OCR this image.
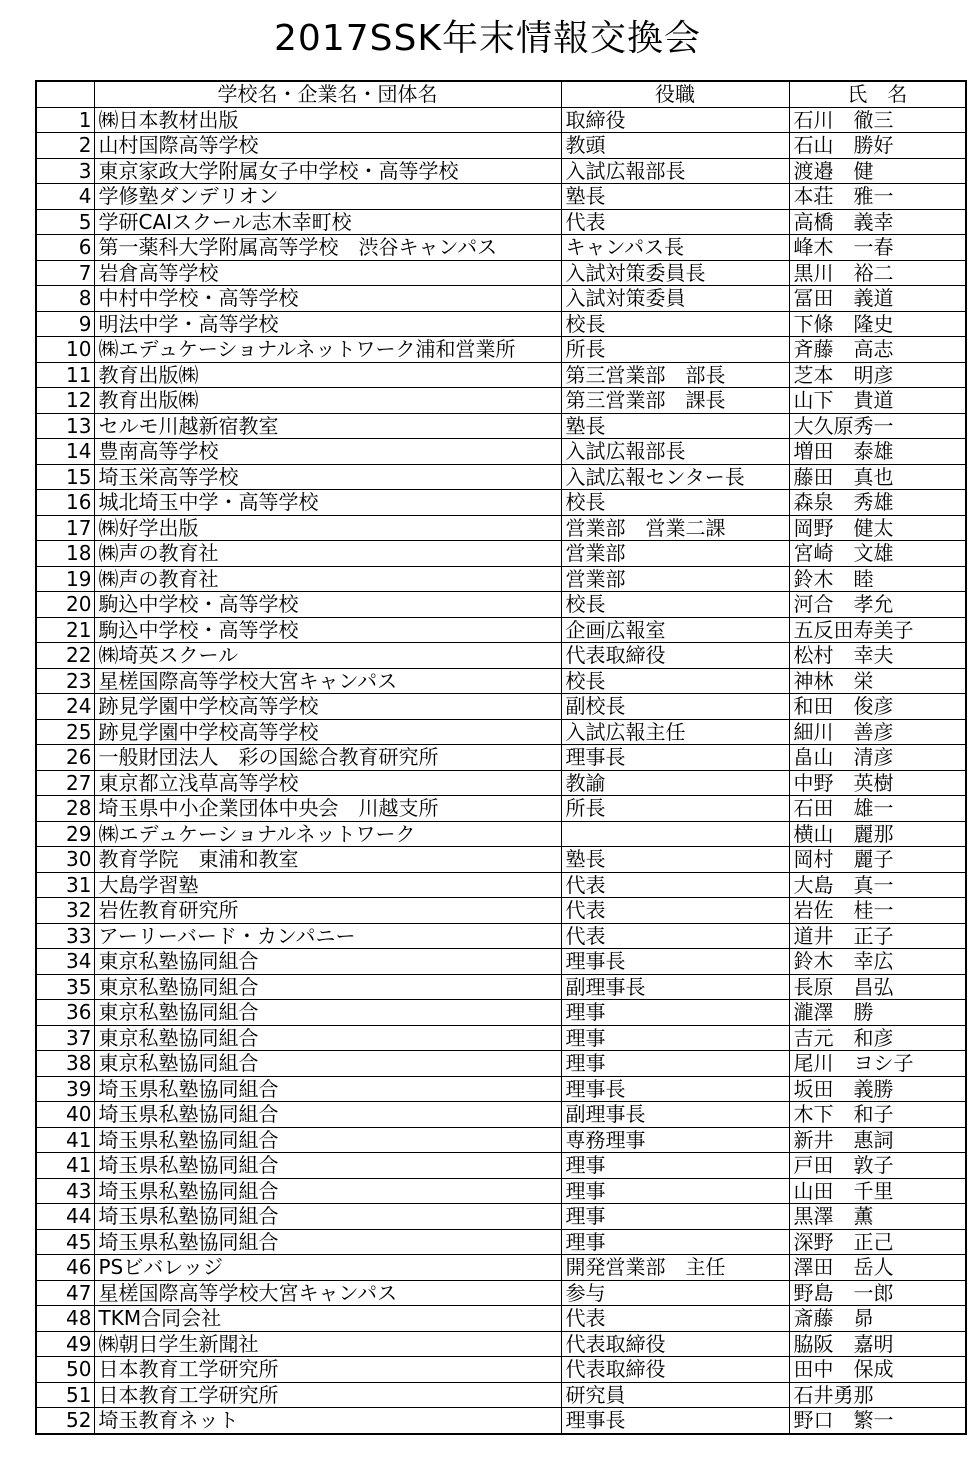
2017SSK年末情報交換会
	学校名・企業名・団体名	役職	氏　名
1	㈱日本教材出版	取締役	石川　徹三
2	山村国際高等学校	教頭	石山　勝好
3	東京家政大学附属女子中学校・高等学校	入試広報部長	渡邉　健
4	学修塾ダンデリオン	塾長	本荘　雅一
5	学研CAIスクール志木幸町校	代表	高橋　義幸
6	第一薬科大学附属高等学校　渋谷キャンパス	キャンパス長	峰木　一春
7	岩倉高等学校	入試対策委員長	黒川　裕二
8	中村中学校・高等学校	入試対策委員	冨田　義道
9	明法中学・高等学校	校長	下條　隆史
10	㈱エデュケーショナルネットワーク浦和営業所	所長	斉藤　高志
11	教育出版㈱	第三営業部　部長	芝本　明彦
12	教育出版㈱	第三営業部　課長	山下　貴道
13	セルモ川越新宿教室	塾長	大久原秀一
14	豊南高等学校	入試広報部長	増田　泰雄
15	埼玉栄高等学校	入試広報センター長	藤田　真也
16	城北埼玉中学・高等学校	校長	森泉　秀雄
17	㈱好学出版	営業部　営業二課	岡野　健太
18	㈱声の教育社	営業部	宮崎　文雄
19	㈱声の教育社	営業部	鈴木　睦
20	駒込中学校・高等学校	校長	河合　孝允
21	駒込中学校・高等学校	企画広報室	五反田寿美子
22	㈱埼英スクール	代表取締役	松村　幸夫
23	星槎国際高等学校大宮キャンパス	校長	神林　栄
24	跡見学園中学校高等学校	副校長	和田　俊彦
25	跡見学園中学校高等学校	入試広報主任	細川　善彦
26	一般財団法人　彩の国総合教育研究所	理事長	畠山　清彦
27	東京都立浅草高等学校	教諭	中野　英樹
28	埼玉県中小企業団体中央会　川越支所	所長	石田　雄一
29	㈱エデュケーショナルネットワーク		横山　麗那
30	教育学院　東浦和教室	塾長	岡村　麗子
31	大島学習塾	代表	大島　真一
32	岩佐教育研究所	代表	岩佐　桂一
33	アーリーバード・カンパニー	代表	道井　正子
34	東京私塾協同組合	理事長	鈴木　幸広
35	東京私塾協同組合	副理事長	長原　昌弘
36	東京私塾協同組合	理事	瀧澤　勝
37	東京私塾協同組合	理事	吉元　和彦
38	東京私塾協同組合	理事	尾川　ヨシ子
39	埼玉県私塾協同組合	理事長	坂田　義勝
40	埼玉県私塾協同組合	副理事長	木下　和子
41	埼玉県私塾協同組合	専務理事	新井　惠詞
41	埼玉県私塾協同組合	理事	戸田　敦子
43	埼玉県私塾協同組合	理事	山田　千里
44	埼玉県私塾協同組合	理事	黒澤　薫
45	埼玉県私塾協同組合	理事	深野　正己
46	PSビバレッジ	開発営業部　主任	澤田　岳人
47	星槎国際高等学校大宮キャンパス	参与	野島　一郎
48	TKM合同会社	代表	斎藤　昴
49	㈱朝日学生新聞社	代表取締役	脇阪　嘉明
50	日本教育工学研究所	代表取締役	田中　保成
51	日本教育工学研究所	研究員	石井勇那
52	埼玉教育ネット	理事長	野口　繁一
